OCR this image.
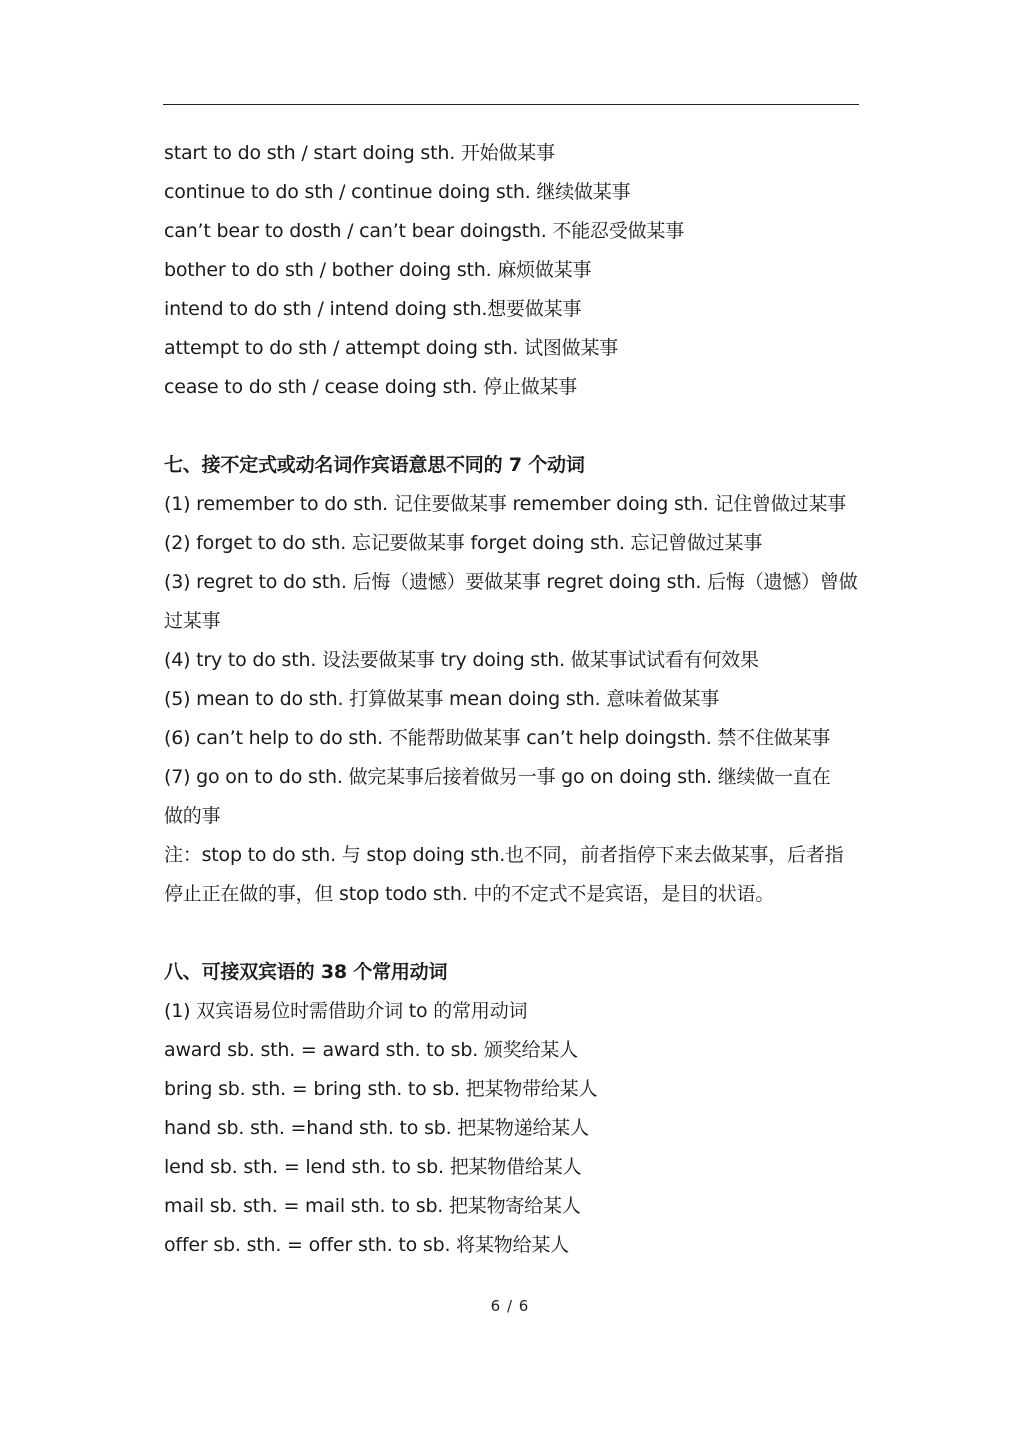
start to do sth / start doing sth. 开始做某事
continue to do sth / continue doing sth. 继续做某事
can’t bear to dosth / can’t bear doingsth. 不能忍受做某事
bother to do sth / bother doing sth. 麻烦做某事
intend to do sth / intend doing sth.想要做某事
attempt to do sth / attempt doing sth. 试图做某事
cease to do sth / cease doing sth. 停止做某事
七、接不定式或动名词作宾语意思不同的 7 个动词
(1) remember to do sth. 记住要做某事 remember doing sth. 记住曾做过某事
(2) forget to do sth. 忘记要做某事 forget doing sth. 忘记曾做过某事
(3) regret to do sth. 后悔（遗憾）要做某事 regret doing sth. 后悔（遗憾）曾做
过某事
(4) try to do sth. 设法要做某事 try doing sth. 做某事试试看有何效果
(5) mean to do sth. 打算做某事 mean doing sth. 意味着做某事
(6) can’t help to do sth. 不能帮助做某事 can’t help doingsth. 禁不住做某事
(7) go on to do sth. 做完某事后接着做另一事 go on doing sth. 继续做一直在
做的事
注：stop to do sth. 与 stop doing sth.也不同，前者指停下来去做某事，后者指
停止正在做的事，但 stop todo sth. 中的不定式不是宾语，是目的状语。
八、可接双宾语的 38 个常用动词
(1) 双宾语易位时需借助介词 to 的常用动词
award sb. sth. = award sth. to sb. 颁奖给某人
bring sb. sth. = bring sth. to sb. 把某物带给某人
hand sb. sth. =hand sth. to sb. 把某物递给某人
lend sb. sth. = lend sth. to sb. 把某物借给某人
mail sb. sth. = mail sth. to sb. 把某物寄给某人
offer sb. sth. = offer sth. to sb. 将某物给某人
6 / 6
